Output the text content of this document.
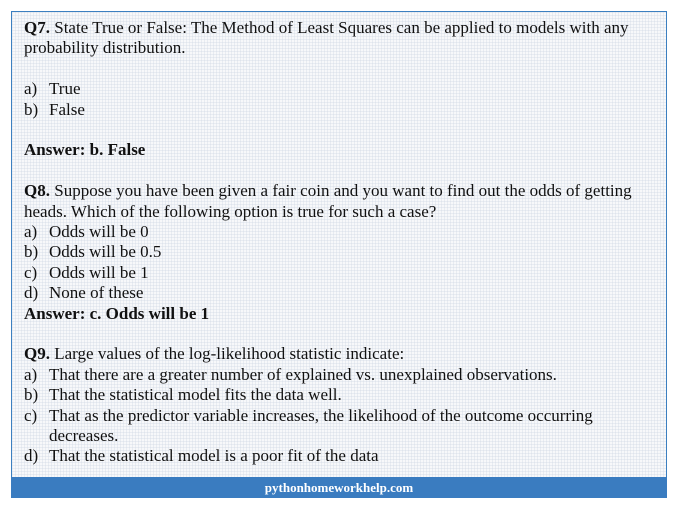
Q7. State True or False: The Method of Least Squares can be applied to models with any probability distribution.

a) True
b) False

Answer: b. False

Q8. Suppose you have been given a fair coin and you want to find out the odds of getting heads. Which of the following option is true for such a case?

a) Odds will be 0
b) Odds will be 0.5
c) Odds will be 1
d) None of these

Answer: c. Odds will be 1

Q9. Large values of the log-likelihood statistic indicate:

a) That there are a greater number of explained vs. unexplained observations.
b) That the statistical model fits the data well.
c) That as the predictor variable increases, the likelihood of the outcome occurring decreases.
d) That the statistical model is a poor fit of the data
pythonhomeworkhelp.com
